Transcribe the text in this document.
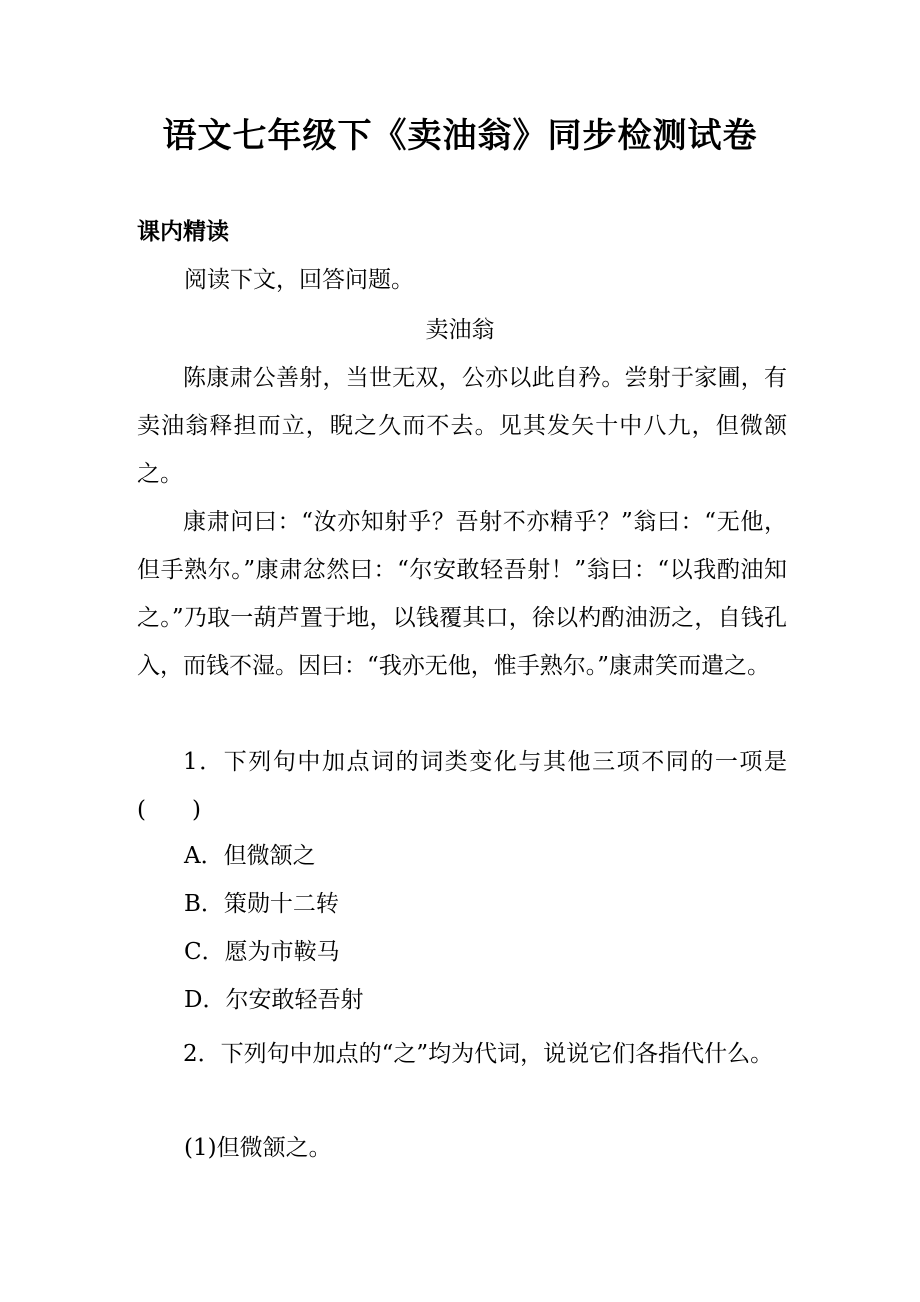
语文七年级下《卖油翁》同步检测试卷
课内精读

阅读下文，回答问题。

卖油翁

陈康肃公善射，当世无双，公亦以此自矜。尝射于家圃，有卖油翁释担而立，睨之久而不去。见其发矢十中八九，但微颔之。

康肃问曰：“汝亦知射乎？吾射不亦精乎？”翁曰：“无他，但手熟尔。”康肃忿然曰：“尔安敢轻吾射！”翁曰：“以我酌油知之。”乃取一葫芦置于地，以钱覆其口，徐以杓酌油沥之，自钱孔入，而钱不湿。因曰：“我亦无他，惟手熟尔。”康肃笑而遣之。

1．下列句中加点词的词类变化与其他三项不同的一项是(　　)

A．但微颔之

B．策勋十二转

C．愿为市鞍马

D．尔安敢轻吾射

2．下列句中加点的“之”均为代词，说说它们各指代什么。

(1)但微颔之。
